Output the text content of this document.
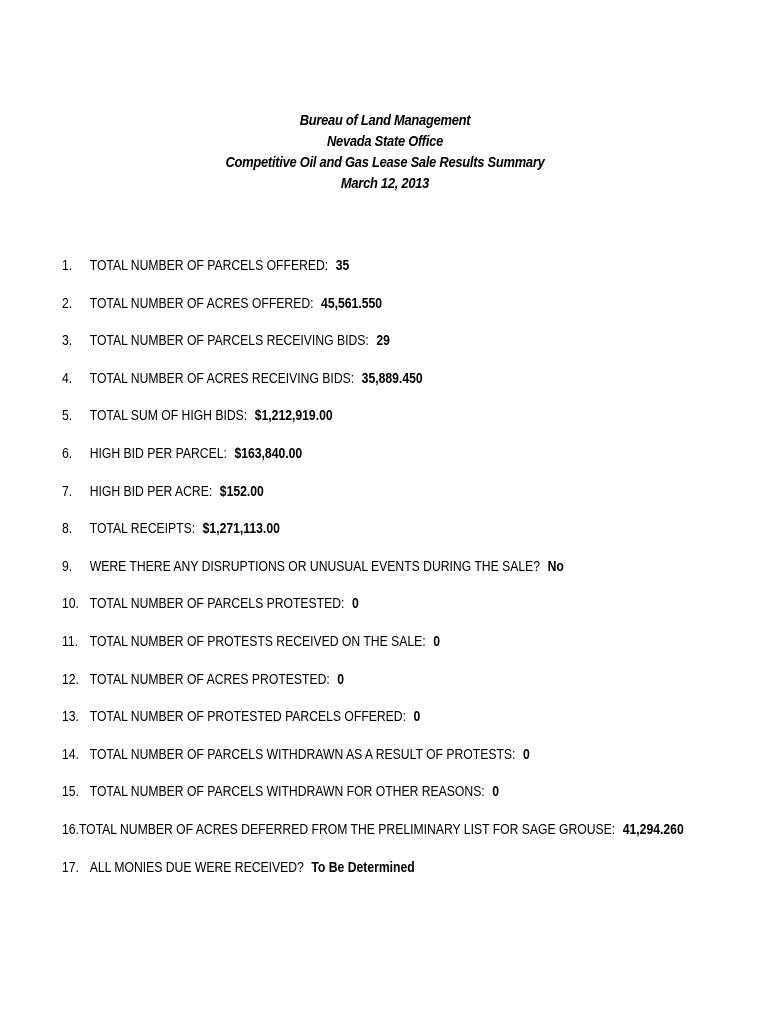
Bureau of Land Management
Nevada State Office
Competitive Oil and Gas Lease Sale Results Summary
March 12, 2013
1.	TOTAL NUMBER OF PARCELS OFFERED: 35
2.	TOTAL NUMBER OF ACRES OFFERED: 45,561.550
3.	TOTAL NUMBER OF PARCELS RECEIVING BIDS: 29
4.	TOTAL NUMBER OF ACRES RECEIVING BIDS: 35,889.450
5.	TOTAL SUM OF HIGH BIDS: $1,212,919.00
6.	HIGH BID PER PARCEL: $163,840.00
7.	HIGH BID PER ACRE: $152.00
8.	TOTAL RECEIPTS: $1,271,113.00
9.	WERE THERE ANY DISRUPTIONS OR UNUSUAL EVENTS DURING THE SALE? No
10. TOTAL NUMBER OF PARCELS PROTESTED: 0
11. TOTAL NUMBER OF PROTESTS RECEIVED ON THE SALE: 0
12. TOTAL NUMBER OF ACRES PROTESTED: 0
13. TOTAL NUMBER OF PROTESTED PARCELS OFFERED: 0
14. TOTAL NUMBER OF PARCELS WITHDRAWN AS A RESULT OF PROTESTS: 0
15. TOTAL NUMBER OF PARCELS WITHDRAWN FOR OTHER REASONS: 0
16. TOTAL NUMBER OF ACRES DEFERRED FROM THE PRELIMINARY LIST FOR SAGE GROUSE: 41,294.260
17. ALL MONIES DUE WERE RECEIVED? To Be Determined
